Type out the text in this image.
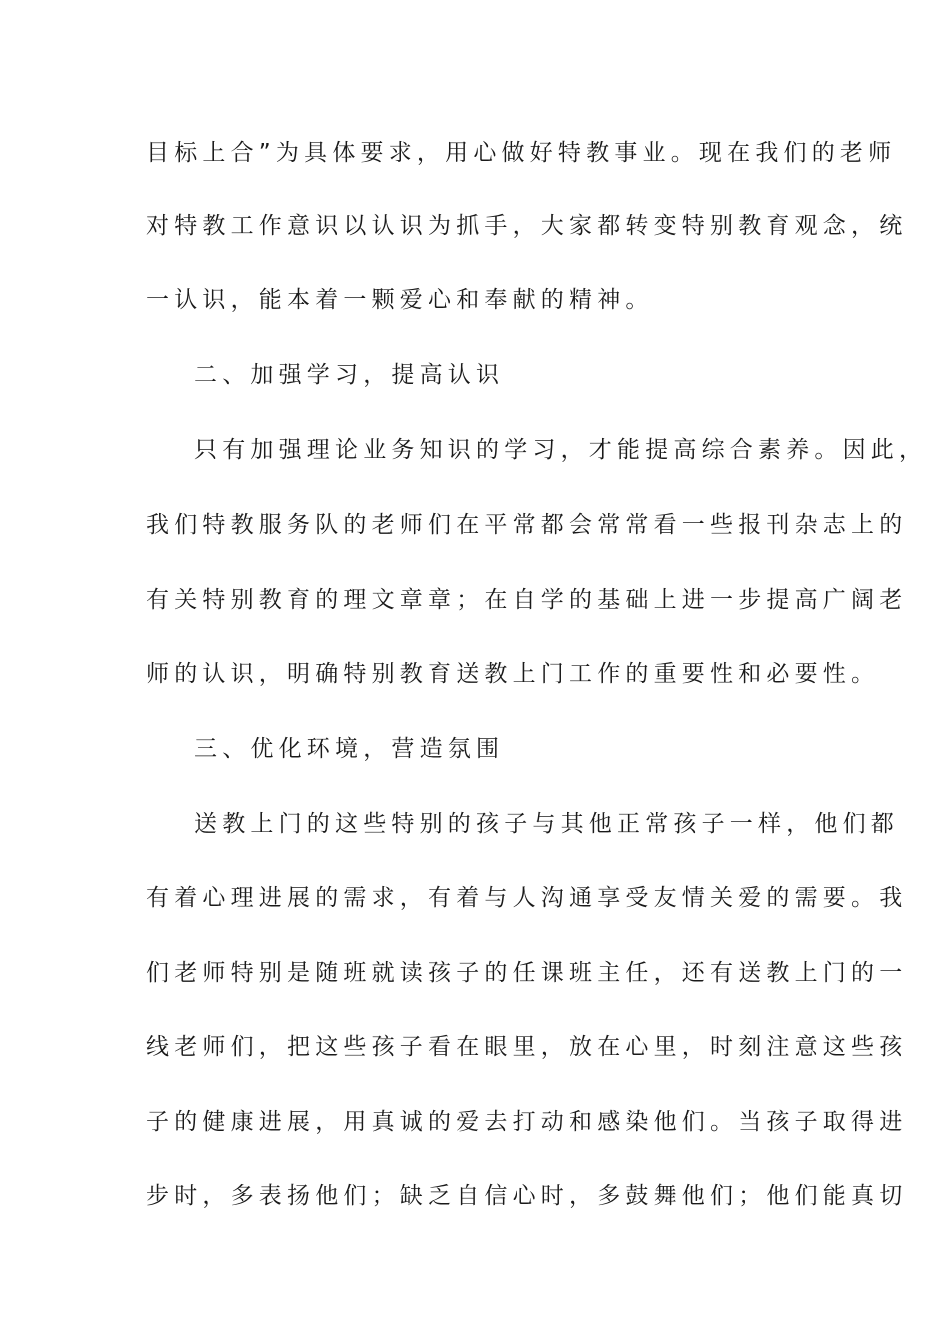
目标上合”为具体要求，用心做好特教事业。现在我们的老师
对特教工作意识以认识为抓手，大家都转变特别教育观念，统
一认识，能本着一颗爱心和奉献的精神。
二、加强学习，提高认识
只有加强理论业务知识的学习，才能提高综合素养。因此，
我们特教服务队的老师们在平常都会常常看一些报刊杂志上的
有关特别教育的理文章章；在自学的基础上进一步提高广阔老
师的认识，明确特别教育送教上门工作的重要性和必要性。
三、优化环境，营造氛围
送教上门的这些特别的孩子与其他正常孩子一样，他们都
有着心理进展的需求，有着与人沟通享受友情关爱的需要。我
们老师特别是随班就读孩子的任课班主任，还有送教上门的一
线老师们，把这些孩子看在眼里，放在心里，时刻注意这些孩
子的健康进展，用真诚的爱去打动和感染他们。当孩子取得进
步时，多表扬他们；缺乏自信心时，多鼓舞他们；他们能真切
